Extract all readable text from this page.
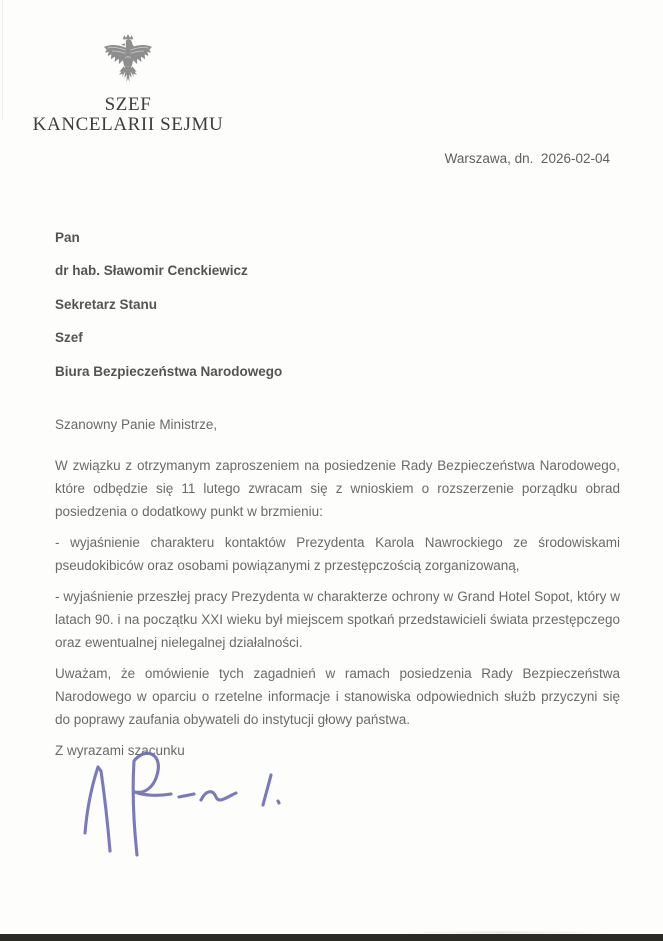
SZEF
KANCELARII SEJMU
Warszawa, dn.  2026-02-04
Pan
dr hab. Sławomir Cenckiewicz
Sekretarz Stanu
Szef
Biura Bezpieczeństwa Narodowego
Szanowny Panie Ministrze,

W związku z otrzymanym zaproszeniem na posiedzenie Rady Bezpieczeństwa Narodowego, które odbędzie się 11 lutego zwracam się z wnioskiem o rozszerzenie porządku obrad posiedzenia o dodatkowy punkt w brzmieniu:

- wyjaśnienie charakteru kontaktów Prezydenta Karola Nawrockiego ze środowiskami pseudokibiców oraz osobami powiązanymi z przestępczością zorganizowaną,

- wyjaśnienie przeszłej pracy Prezydenta w charakterze ochrony w Grand Hotel Sopot, który w latach 90. i na początku XXI wieku był miejscem spotkań przedstawicieli świata przestępczego oraz ewentualnej nielegalnej działalności.

Uważam, że omówienie tych zagadnień w ramach posiedzenia Rady Bezpieczeństwa Narodowego w oparciu o rzetelne informacje i stanowiska odpowiednich służb przyczyni się do poprawy zaufania obywateli do instytucji głowy państwa.

Z wyrazami szacunku
